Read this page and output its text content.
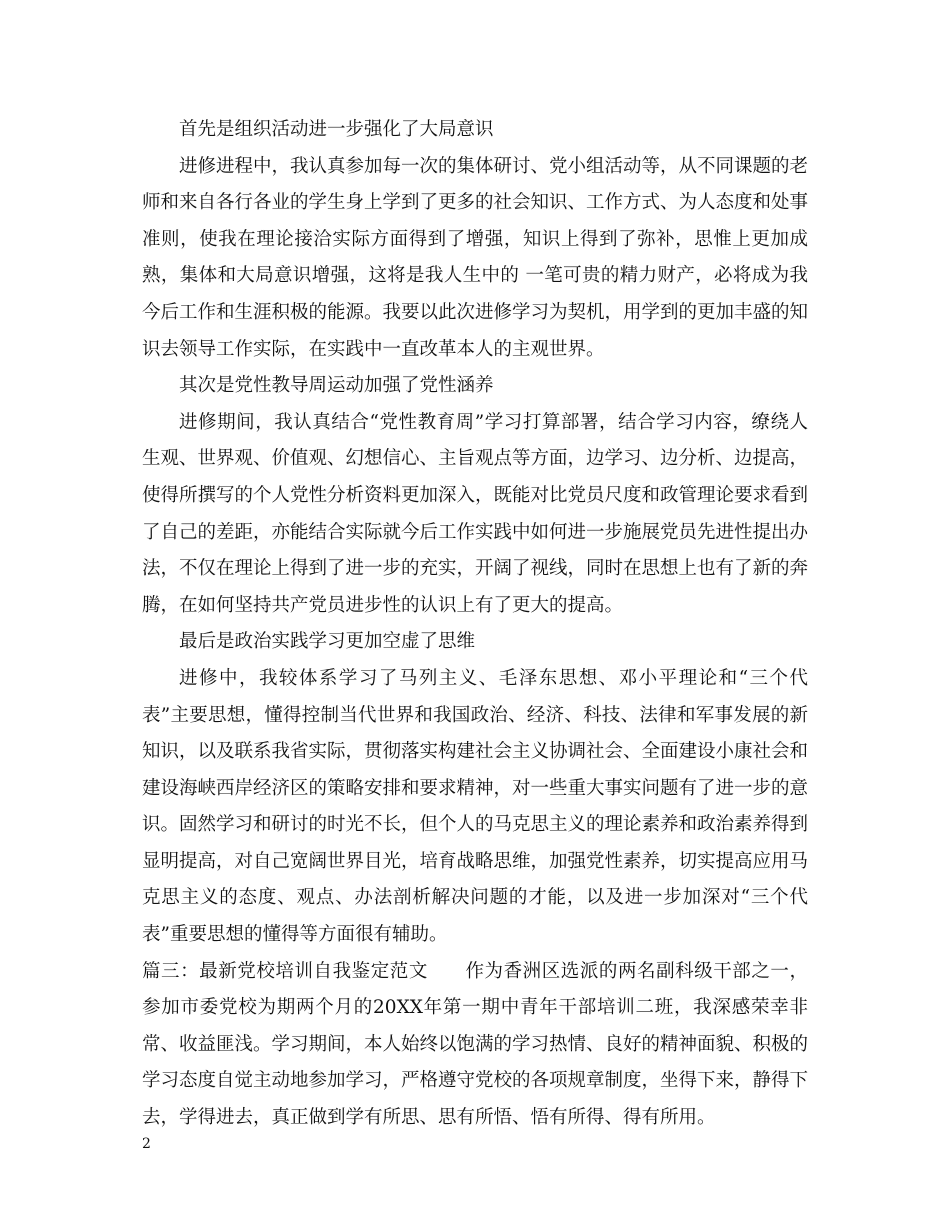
首先是组织活动进一步强化了大局意识

进修进程中，我认真参加每一次的集体研讨、党小组活动等，从不同课题的老师和来自各行各业的学生身上学到了更多的社会知识、工作方式、为人态度和处事准则，使我在理论接洽实际方面得到了增强，知识上得到了弥补，思惟上更加成熟，集体和大局意识增强，这将是我人生中的 一笔可贵的精力财产，必将成为我今后工作和生涯积极的能源。我要以此次进修学习为契机，用学到的更加丰盛的知识去领导工作实际，在实践中一直改革本人的主观世界。

其次是党性教导周运动加强了党性涵养

进修期间，我认真结合“党性教育周”学习打算部署，结合学习内容，缭绕人生观、世界观、价值观、幻想信心、主旨观点等方面，边学习、边分析、边提高，使得所撰写的个人党性分析资料更加深入，既能对比党员尺度和政管理论要求看到了自己的差距，亦能结合实际就今后工作实践中如何进一步施展党员先进性提出办法，不仅在理论上得到了进一步的充实，开阔了视线，同时在思想上也有了新的奔腾，在如何坚持共产党员进步性的认识上有了更大的提高。

最后是政治实践学习更加空虚了思维

进修中，我较体系学习了马列主义、毛泽东思想、邓小平理论和“三个代表”主要思想，懂得控制当代世界和我国政治、经济、科技、法律和军事发展的新知识，以及联系我省实际，贯彻落实构建社会主义协调社会、全面建设小康社会和建设海峡西岸经济区的策略安排和要求精神，对一些重大事实问题有了进一步的意识。固然学习和研讨的时光不长，但个人的马克思主义的理论素养和政治素养得到显明提高，对自己宽阔世界目光，培育战略思维，加强党性素养，切实提高应用马克思主义的态度、观点、办法剖析解决问题的才能，以及进一步加深对“三个代表”重要思想的懂得等方面很有辅助。

篇三：最新党校培训自我鉴定范文 作为香洲区选派的两名副科级干部之一，参加市委党校为期两个月的20XX年第一期中青年干部培训二班，我深感荣幸非常、收益匪浅。学习期间，本人始终以饱满的学习热情、良好的精神面貌、积极的学习态度自觉主动地参加学习，严格遵守党校的各项规章制度，坐得下来，静得下去，学得进去，真正做到学有所思、思有所悟、悟有所得、得有所用。

2
